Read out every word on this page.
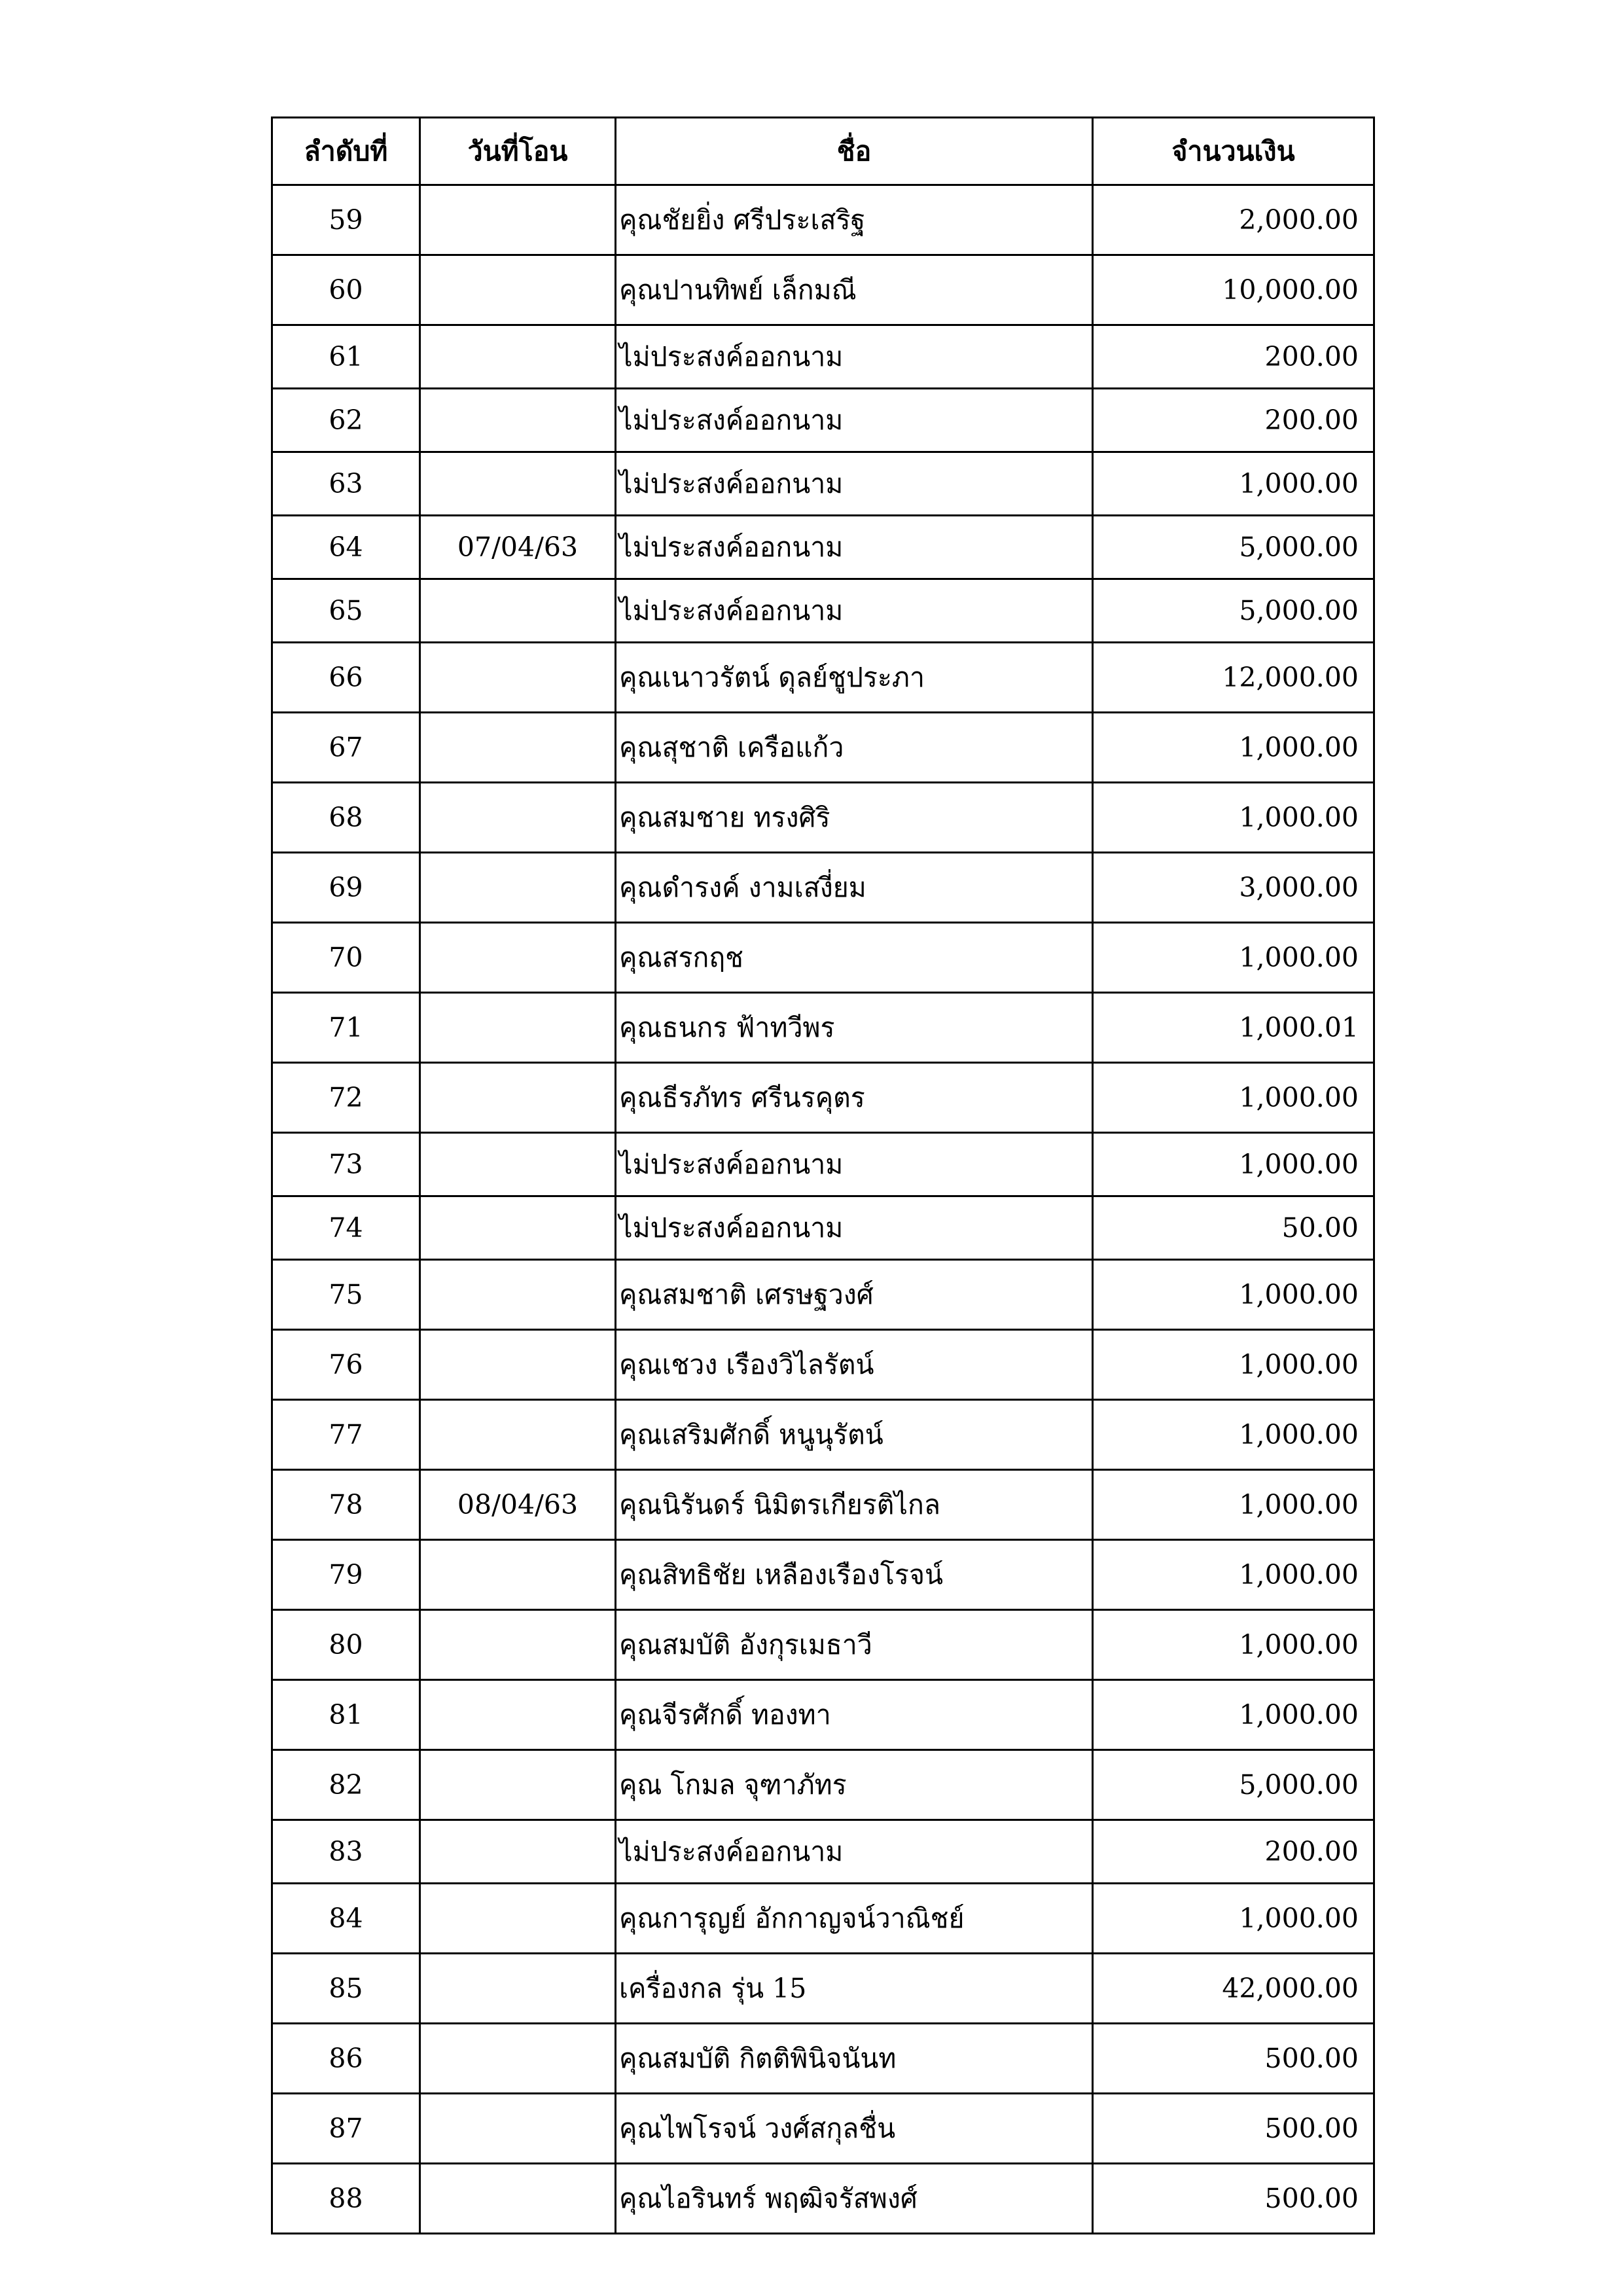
ลำดับที่	วันที่โอน	ชื่อ	จำนวนเงิน
59		คุณชัยยิ่ง ศรีประเสริฐ	2,000.00
60		คุณปานทิพย์ เล็กมณี	10,000.00
61		ไม่ประสงค์ออกนาม	200.00
62		ไม่ประสงค์ออกนาม	200.00
63		ไม่ประสงค์ออกนาม	1,000.00
64	07/04/63	ไม่ประสงค์ออกนาม	5,000.00
65		ไม่ประสงค์ออกนาม	5,000.00
66		คุณเนาวรัตน์ ดุลย์ชูประภา	12,000.00
67		คุณสุชาติ เครือแก้ว	1,000.00
68		คุณสมชาย ทรงศิริ	1,000.00
69		คุณดำรงค์ งามเสงี่ยม	3,000.00
70		คุณสรกฤช	1,000.00
71		คุณธนกร ฟ้าทวีพร	1,000.01
72		คุณธีรภัทร ศรีนรคุตร	1,000.00
73		ไม่ประสงค์ออกนาม	1,000.00
74		ไม่ประสงค์ออกนาม	50.00
75		คุณสมชาติ เศรษฐวงศ์	1,000.00
76		คุณเชวง เรืองวิไลรัตน์	1,000.00
77		คุณเสริมศักดิ์ หนูนุรัตน์	1,000.00
78	08/04/63	คุณนิรันดร์ นิมิตรเกียรติไกล	1,000.00
79		คุณสิทธิชัย เหลืองเรืองโรจน์	1,000.00
80		คุณสมบัติ อังกุรเมธาวี	1,000.00
81		คุณจีรศักดิ์ ทองทา	1,000.00
82		คุณ โกมล จุฑาภัทร	5,000.00
83		ไม่ประสงค์ออกนาม	200.00
84		คุณการุญย์ อักกาญจน์วาณิชย์	1,000.00
85		เครื่องกล รุ่น 15	42,000.00
86		คุณสมบัติ กิตติพินิจนันท	500.00
87		คุณไพโรจน์ วงศ์สกุลชื่น	500.00
88		คุณไอรินทร์ พฤฒิจรัสพงศ์	500.00
